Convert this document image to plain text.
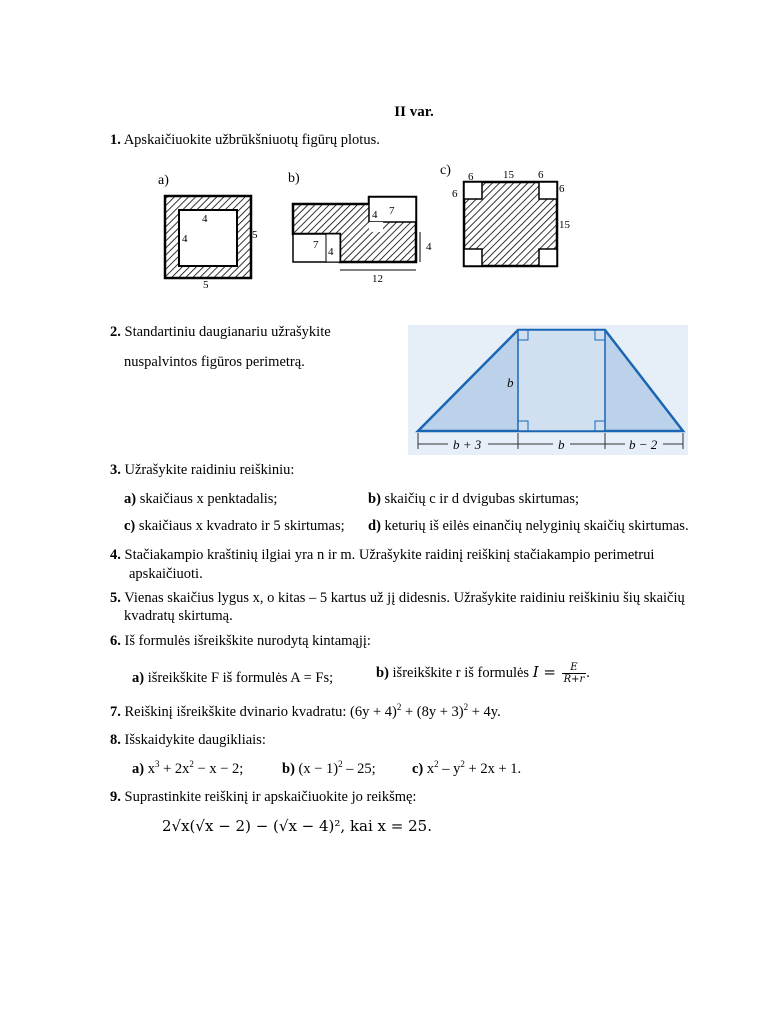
II var.
1. Apskaičiuokite užbrūkšniuotų figūrų plotus.
a)
4
4	5
5
b)
7
4
7
4	4
12
c) 6	15 6
6
15
6
2. Standartiniu daugianariu užrašykite
nuspalvintos figūros perimetrą.
b
b + 3	b	b − 2
3. Užrašykite raidiniu reiškiniu:
a) skaičiaus x penktadalis;	b) skaičių c ir d dvigubas skirtumas;
c) skaičiaus x kvadrato ir 5 skirtumas; d) keturių iš eilės einančių nelyginių skaičių skirtumas.
4. Stačiakampio kraštinių ilgiai yra n ir m. Užrašykite raidinį reiškinį stačiakampio perimetrui
apskaičiuoti.
5. Vienas skaičius lygus x, o kitas – 5 kartus už jį didesnis. Užrašykite raidiniu reiškiniu šių skaičių
kvadratų skirtumą.
6. Iš formulės išreikškite nurodytą kintamąjį:
a) išreikškite F iš formulės A = Fs;	b) išreikškite r iš formulės $I = \frac{E}{R+r}$ .
7. Reiškinį išreikškite dvinario kvadratu: $(6y + 4)^2 + (8y + 3)^2 + 4y$.
8. Išskaidykite daugikliais:
a) $x^3 + 2x^2 - x - 2$;	b) $(x - 1)^2 - 25$;	c) $x^2 - y^2 + 2x + 1$.
9. Suprastinkite reiškinį ir apskaičiuokite jo reikšmę:
2√x(√x − 2) − (√x − 4)², kai x = 25.
